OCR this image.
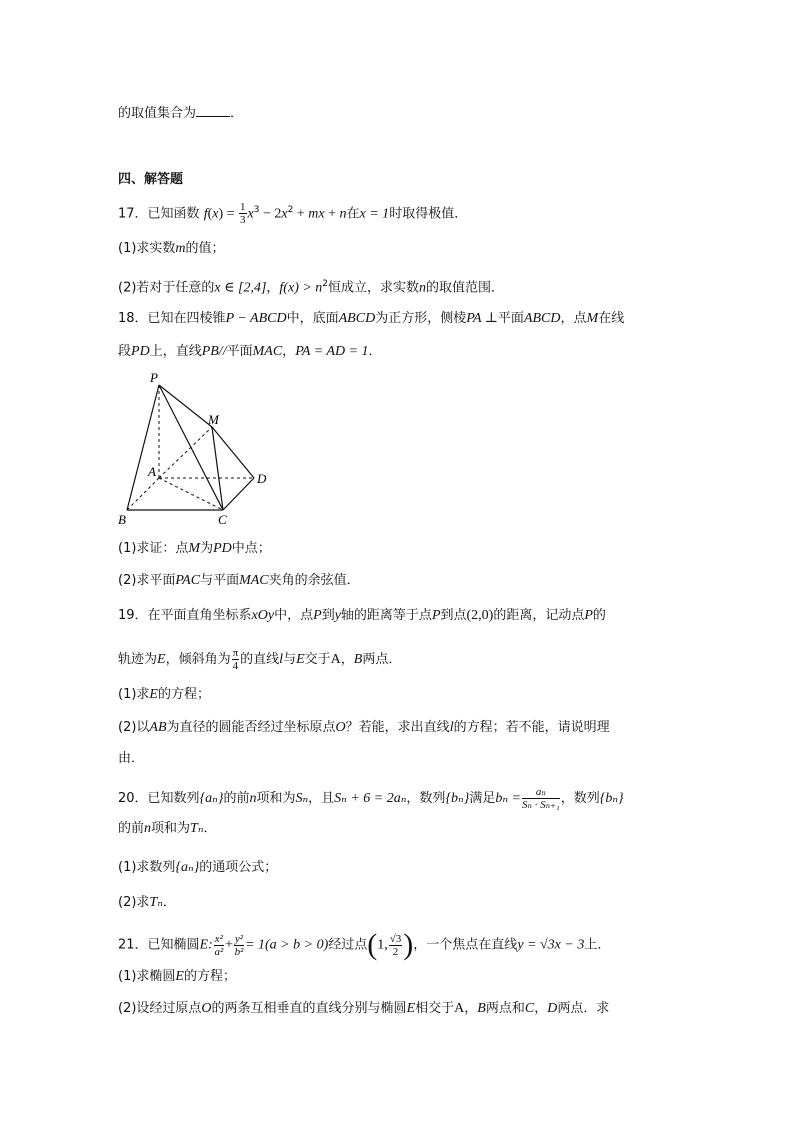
的取值集合为	．
四、解答题
17．已知函数 $f(x) = \frac{1}{3} x^3 - 2x^2$ + mx + n在x = 1时取得极值．
(1)求实数m的值；
(2)若对于任意的x ∈ [2,4]，$f(x) > n^2$恒成立，求实数n的取值范围．
18．已知在四棱锥P − ABCD中，底面ABCD为正方形，侧棱PA ⊥平面ABCD，点M在线
段PD上，直线PB//平面MAC，PA = AD = 1．
P
M
A	D
B	C
(1)求证：点M为PD中点；
(2)求平面PAC与平面MAC夹角的余弦值．
19．在平面直角坐标系xOy中，点P到y轴的距离等于点P到点(2,0)的距离，记动点P的
轨迹为E，倾斜角为 $\frac{\pi}{4}$ 的直线l与E交于A，B两点．
(1)求E的方程；
(2)以AB为直径的圆能否经过坐标原点O？若能，求出直线l的方程；若不能，请说明理
由．
20．已知数列{aₙ}的前n项和为Sₙ，且Sₙ + 6 = 2aₙ，数列{bₙ}满足$b_n = \frac{\text{aₙ}}{\text{Sₙ · Sₙ₊₁}}$ ，数列{bₙ}
的前n项和为Tₙ．
(1)求数列{aₙ}的通项公式；
(2)求Tₙ．
21．已知椭圆E: $\frac{\text{x²}}{\text{a²}} + \frac{\text{y²}}{\text{b²}} = 1(a > b > 0)$经过点(1, $\frac{√3}{2}$ )，一个焦点在直线y = √3x − 3上．
(1)求椭圆E的方程；
(2)设经过原点O的两条互相垂直的直线分别与椭圆E相交于A，B两点和C，D两点．求
